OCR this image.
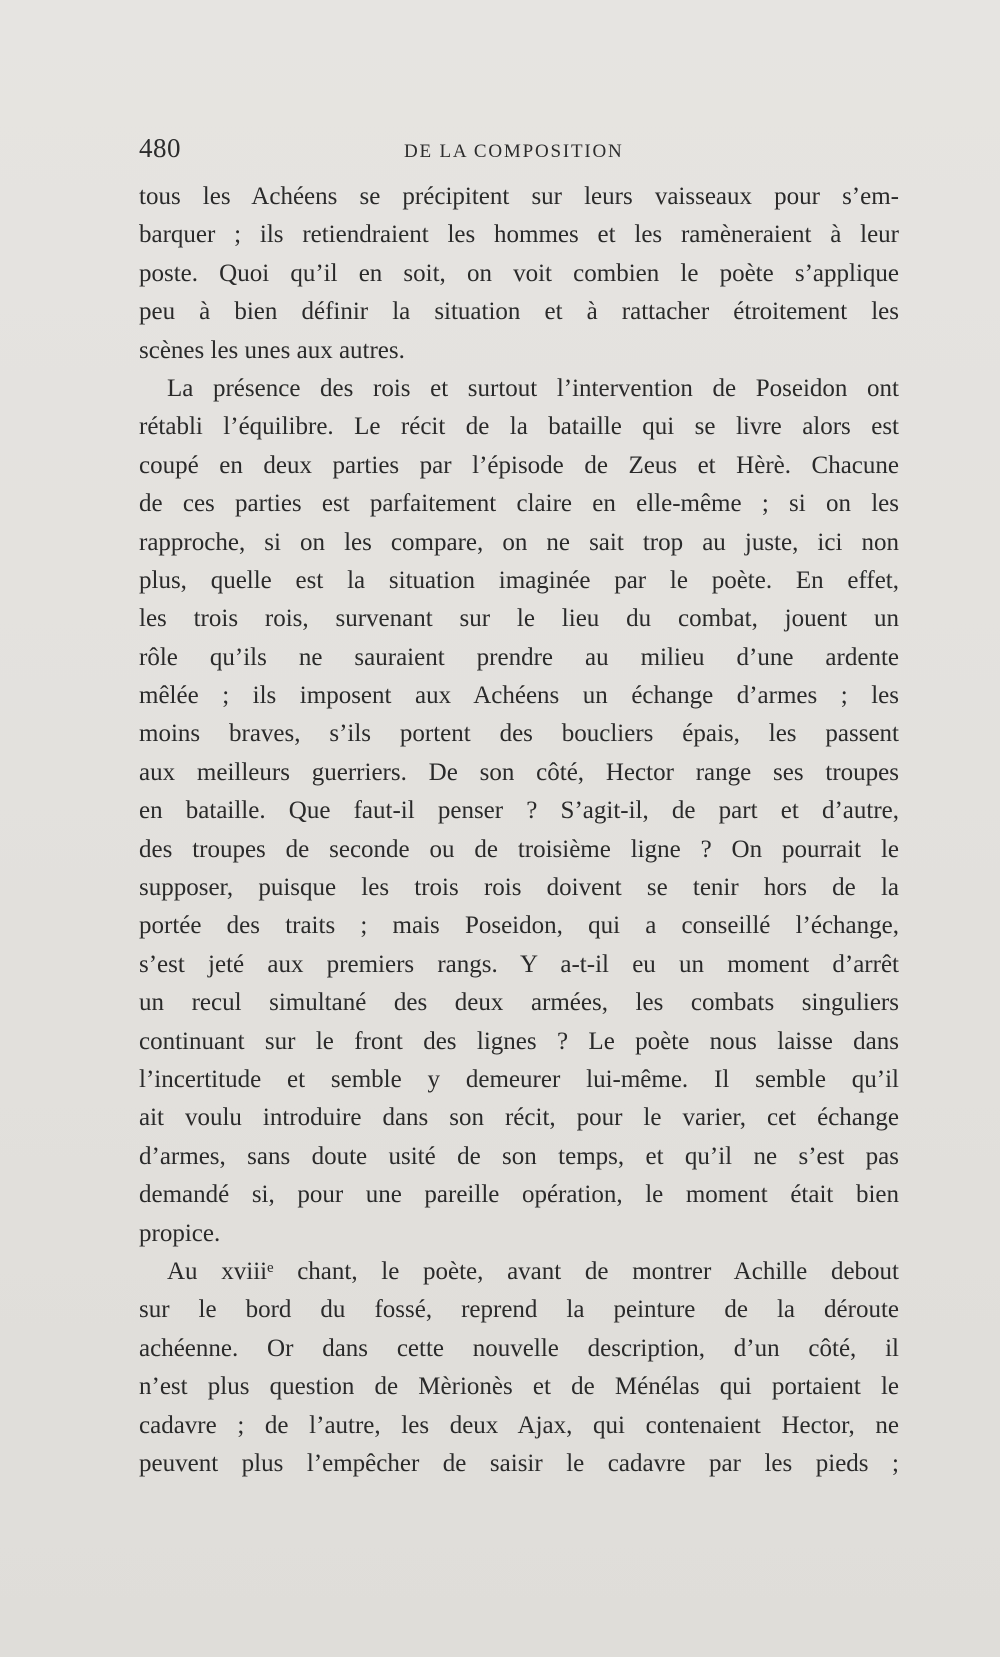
480	DE LA COMPOSITION
tous les Achéens se précipitent sur leurs vaisseaux pour s’em-
barquer ; ils retiendraient les hommes et les ramèneraient à leur
poste. Quoi qu’il en soit, on voit combien le poète s’applique
peu à bien définir la situation et à rattacher étroitement les
scènes les unes aux autres.
La présence des rois et surtout l’intervention de Poseidon ont
rétabli l’équilibre. Le récit de la bataille qui se livre alors est
coupé en deux parties par l’épisode de Zeus et Hèrè. Chacune
de ces parties est parfaitement claire en elle-même ; si on les
rapproche, si on les compare, on ne sait trop au juste, ici non
plus, quelle est la situation imaginée par le poète. En effet,
les trois rois, survenant sur le lieu du combat, jouent un
rôle qu’ils ne sauraient prendre au milieu d’une ardente
mêlée ; ils imposent aux Achéens un échange d’armes ; les
moins braves, s’ils portent des boucliers épais, les passent
aux meilleurs guerriers. De son côté, Hector range ses troupes
en bataille. Que faut-il penser ? S’agit-il, de part et d’autre,
des troupes de seconde ou de troisième ligne ? On pourrait le
supposer, puisque les trois rois doivent se tenir hors de la
portée des traits ; mais Poseidon, qui a conseillé l’échange,
s’est jeté aux premiers rangs. Y a-t-il eu un moment d’arrêt
un recul simultané des deux armées, les combats singuliers
continuant sur le front des lignes ? Le poète nous laisse dans
l’incertitude et semble y demeurer lui-même. Il semble qu’il
ait voulu introduire dans son récit, pour le varier, cet échange
d’armes, sans doute usité de son temps, et qu’il ne s’est pas
demandé si, pour une pareille opération, le moment était bien
propice.
Au xviiiᵉ chant, le poète, avant de montrer Achille debout
sur le bord du fossé, reprend la peinture de la déroute
achéenne. Or dans cette nouvelle description, d’un côté, il
n’est plus question de Mèrionès et de Ménélas qui portaient le
cadavre ; de l’autre, les deux Ajax, qui contenaient Hector, ne
peuvent plus l’empêcher de saisir le cadavre par les pieds ;
